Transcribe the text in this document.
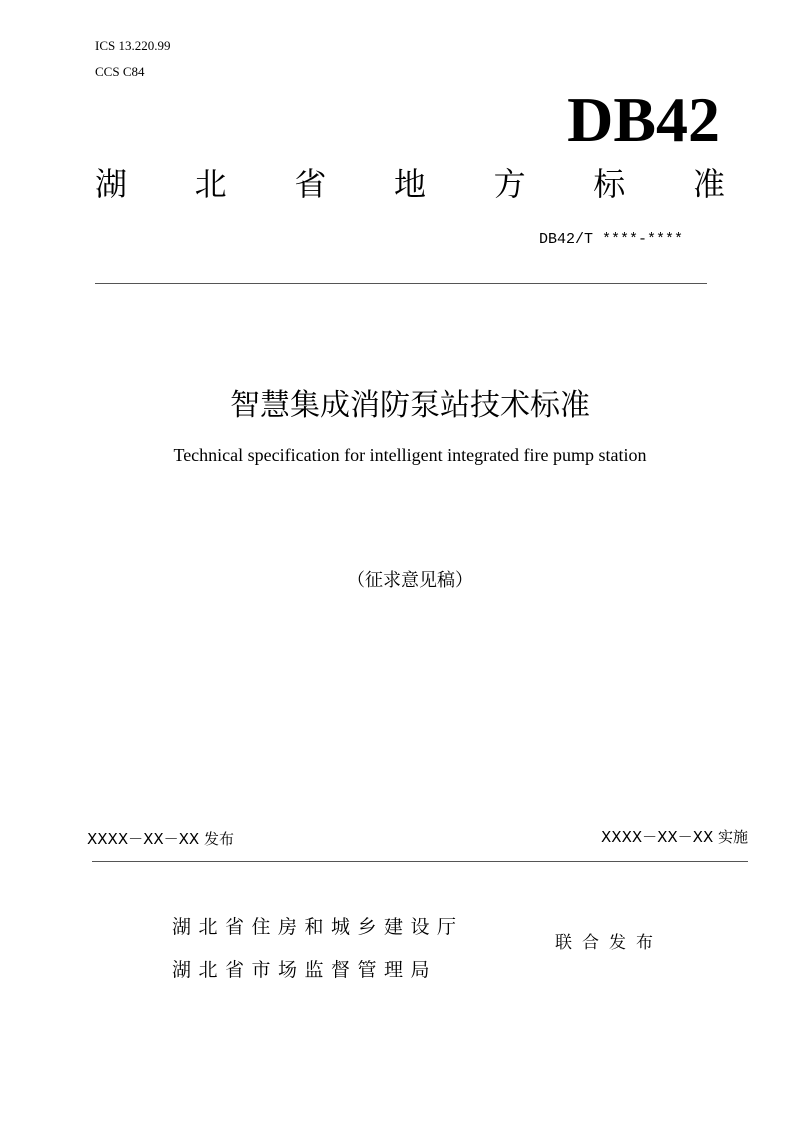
ICS 13.220.99
CCS C84
DB42
湖 北 省 地 方 标 准
DB42/T ****-****
智慧集成消防泵站技术标准
Technical specification for intelligent integrated fire pump station
（征求意见稿）
XXXX－XX－XX 发布	XXXX－XX－XX 实施
湖北省住房和城乡建设厅
湖北省市场监督管理局
联合发布
